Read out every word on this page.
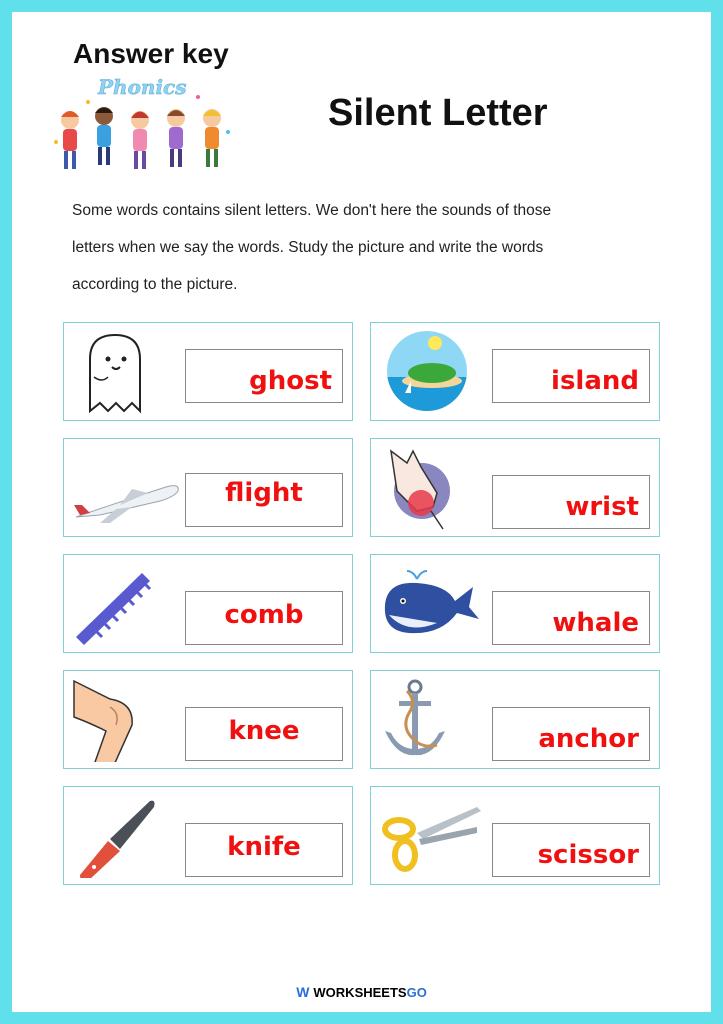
Answer key
Phonics
Silent Letter
Some words contains silent letters. We don't here the sounds of those
letters when we say the words. Study the picture and write the words
according to the picture.
ghost	island
flight	wrist
comb	whale
knee	anchor
knife	scissor
W WORKSHEETSGO
